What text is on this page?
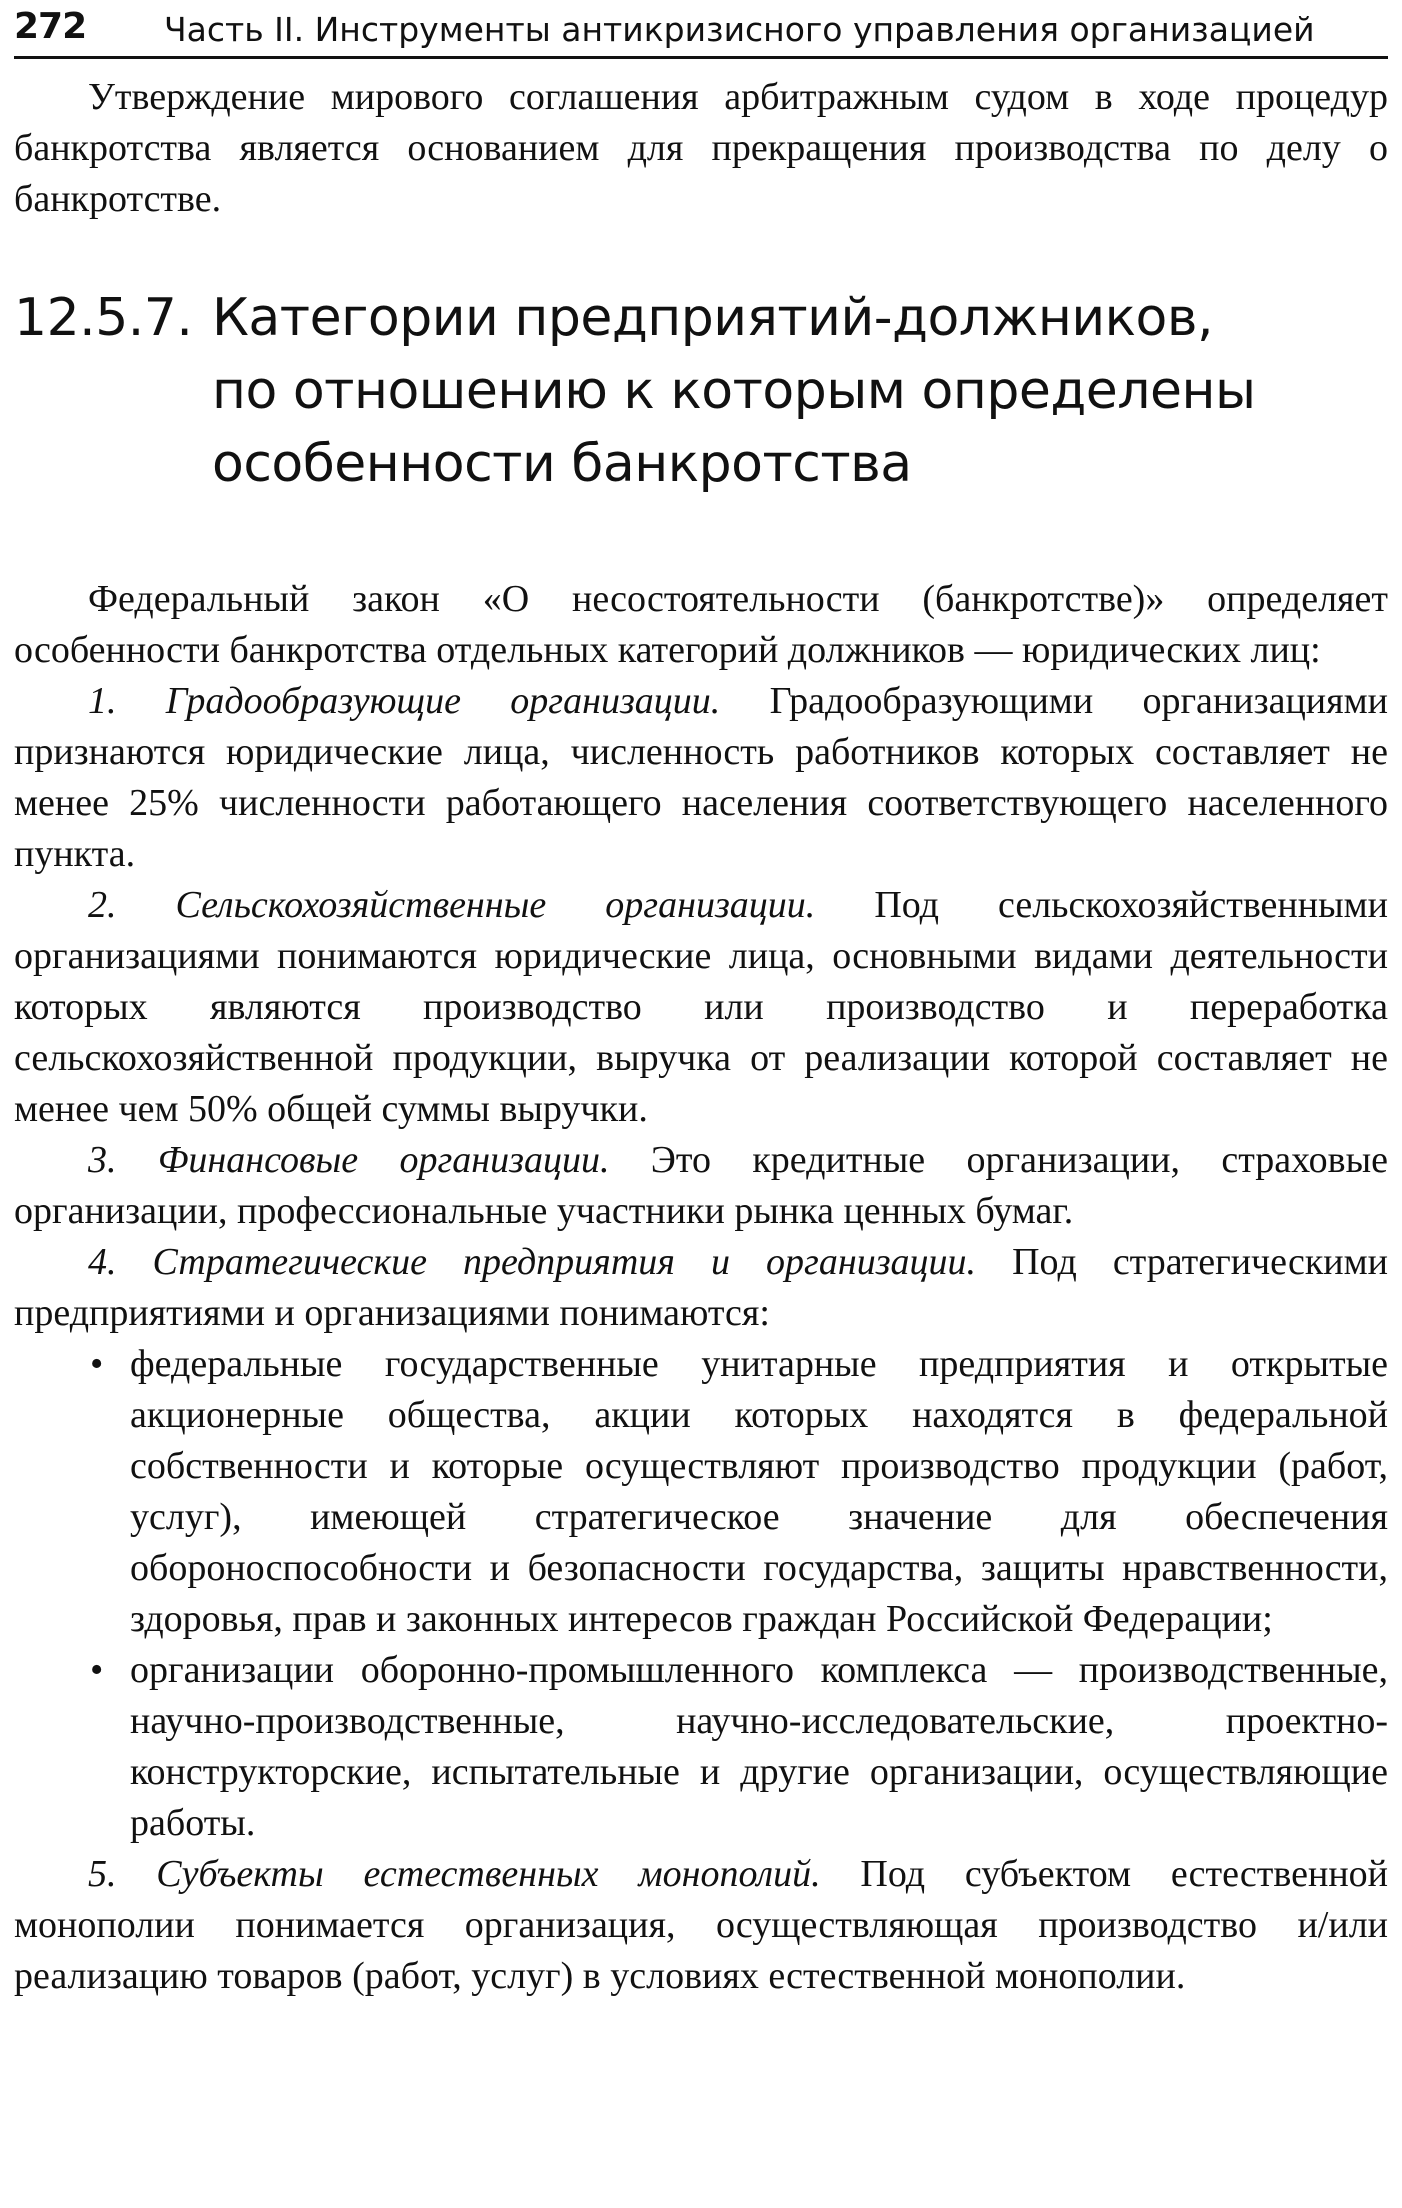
272 Часть II. Инструменты антикризисного управления организацией

Утверждение мирового соглашения арбитражным судом в ходе процедур банкротства является основанием для прекращения производства по делу о банкротстве.

12.5.7. Категории предприятий-должников,
по отношению к которым определены
особенности банкротства

Федеральный закон «О несостоятельности (банкротстве)» определяет особенности банкротства отдельных категорий должников — юридических лиц:

1. Градообразующие организации. Градообразующими организациями признаются юридические лица, численность работников которых составляет не менее 25% численности работающего населения соответствующего населенного пункта.

2. Сельскохозяйственные организации. Под сельскохозяйственными организациями понимаются юридические лица, основными видами деятельности которых являются производство или производство и переработка сельскохозяйственной продукции, выручка от реализации которой составляет не менее чем 50% общей суммы выручки.

3. Финансовые организации. Это кредитные организации, страховые организации, профессиональные участники рынка ценных бумаг.

4. Стратегические предприятия и организации. Под стратегическими предприятиями и организациями понимаются:

• федеральные государственные унитарные предприятия и открытые акционерные общества, акции которых находятся в федеральной собственности и которые осуществляют производство продукции (работ, услуг), имеющей стратегическое значение для обеспечения обороноспособности и безопасности государства, защиты нравственности, здоровья, прав и законных интересов граждан Российской Федерации;
• организации оборонно-промышленного комплекса — производственные, научно-производственные, научно-исследовательские, проектно-конструкторские, испытательные и другие организации, осуществляющие работы.

5. Субъекты естественных монополий. Под субъектом естественной монополии понимается организация, осуществляющая производство и/или реализацию товаров (работ, услуг) в условиях естественной монополии.
